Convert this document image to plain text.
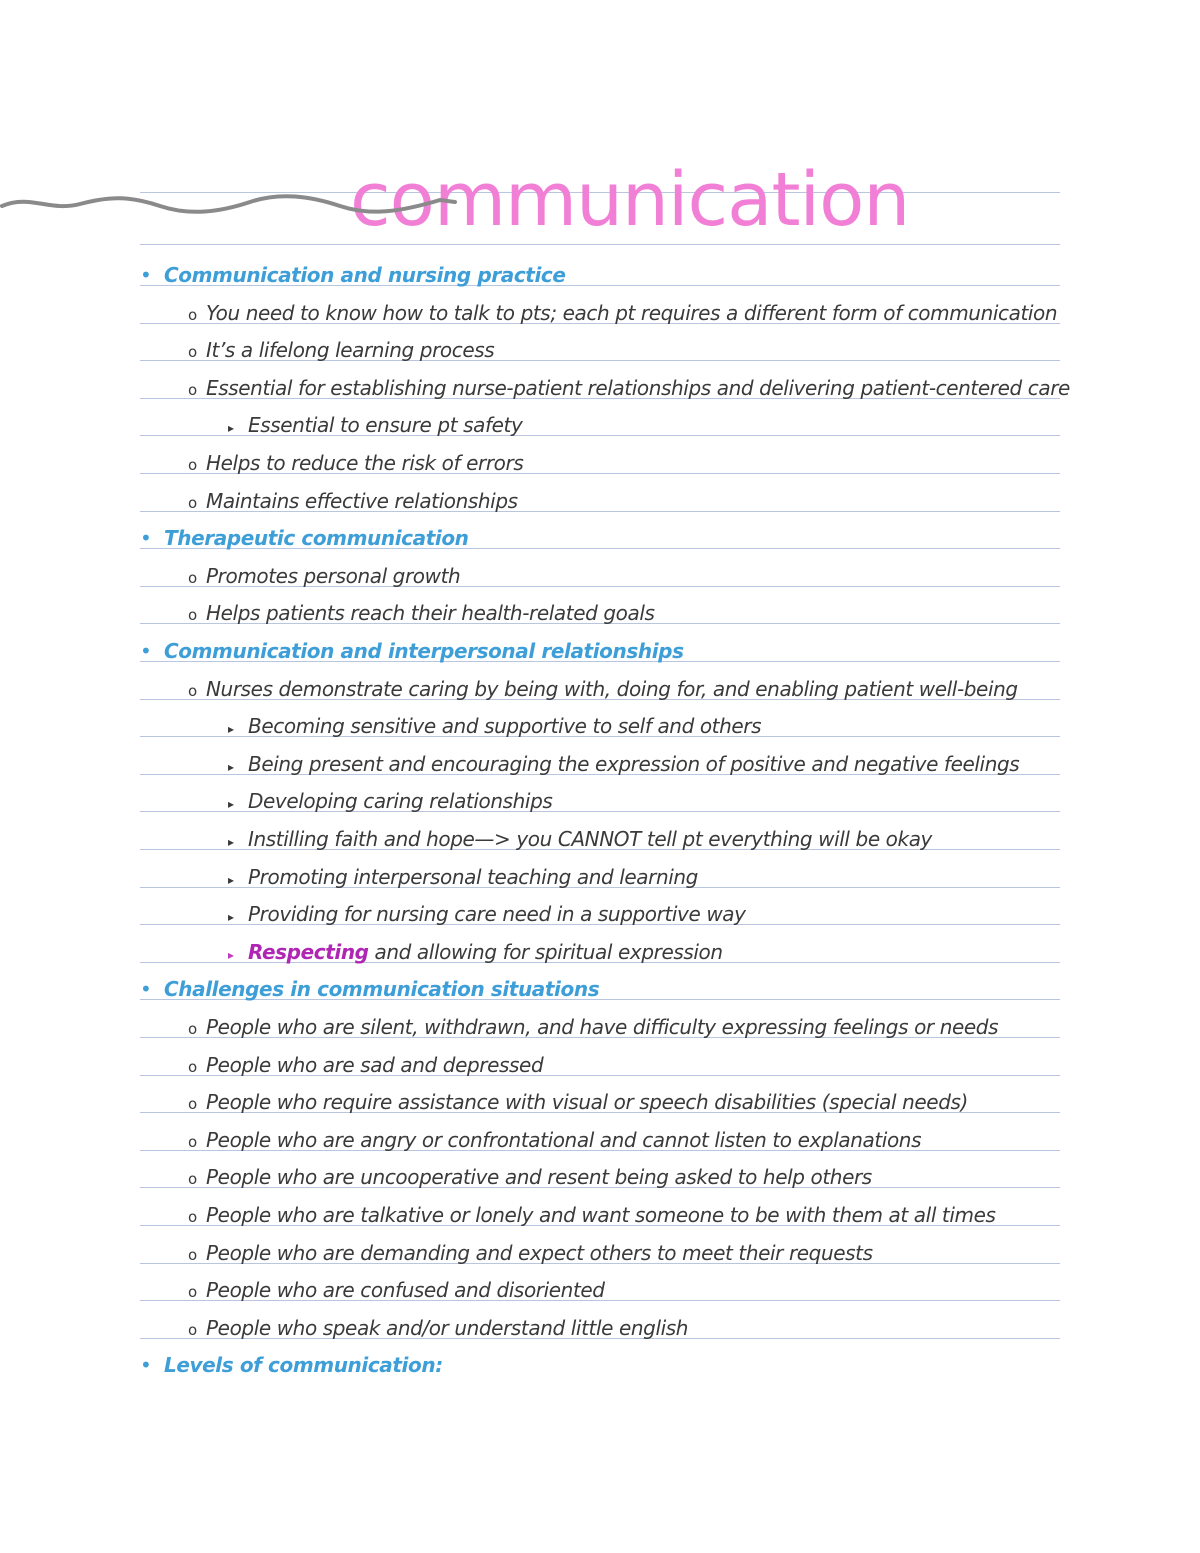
communication
• Communication and nursing practice
o You need to know how to talk to pts; each pt requires a different form of communication
o It’s a lifelong learning process
o Essential for establishing nurse-patient relationships and delivering patient-centered care
▸ Essential to ensure pt safety
o Helps to reduce the risk of errors
o Maintains effective relationships
• Therapeutic communication
o Promotes personal growth
o Helps patients reach their health-related goals
• Communication and interpersonal relationships
o Nurses demonstrate caring by being with, doing for, and enabling patient well-being
▸ Becoming sensitive and supportive to self and others
▸ Being present and encouraging the expression of positive and negative feelings
▸ Developing caring relationships
▸ Instilling faith and hope—> you CANNOT tell pt everything will be okay
▸ Promoting interpersonal teaching and learning
▸ Providing for nursing care need in a supportive way
▸ Respecting and allowing for spiritual expression
• Challenges in communication situations
o People who are silent, withdrawn, and have difficulty expressing feelings or needs
o People who are sad and depressed
o People who require assistance with visual or speech disabilities (special needs)
o People who are angry or confrontational and cannot listen to explanations
o People who are uncooperative and resent being asked to help others
o People who are talkative or lonely and want someone to be with them at all times
o People who are demanding and expect others to meet their requests
o People who are confused and disoriented
o People who speak and/or understand little english
• Levels of communication:
